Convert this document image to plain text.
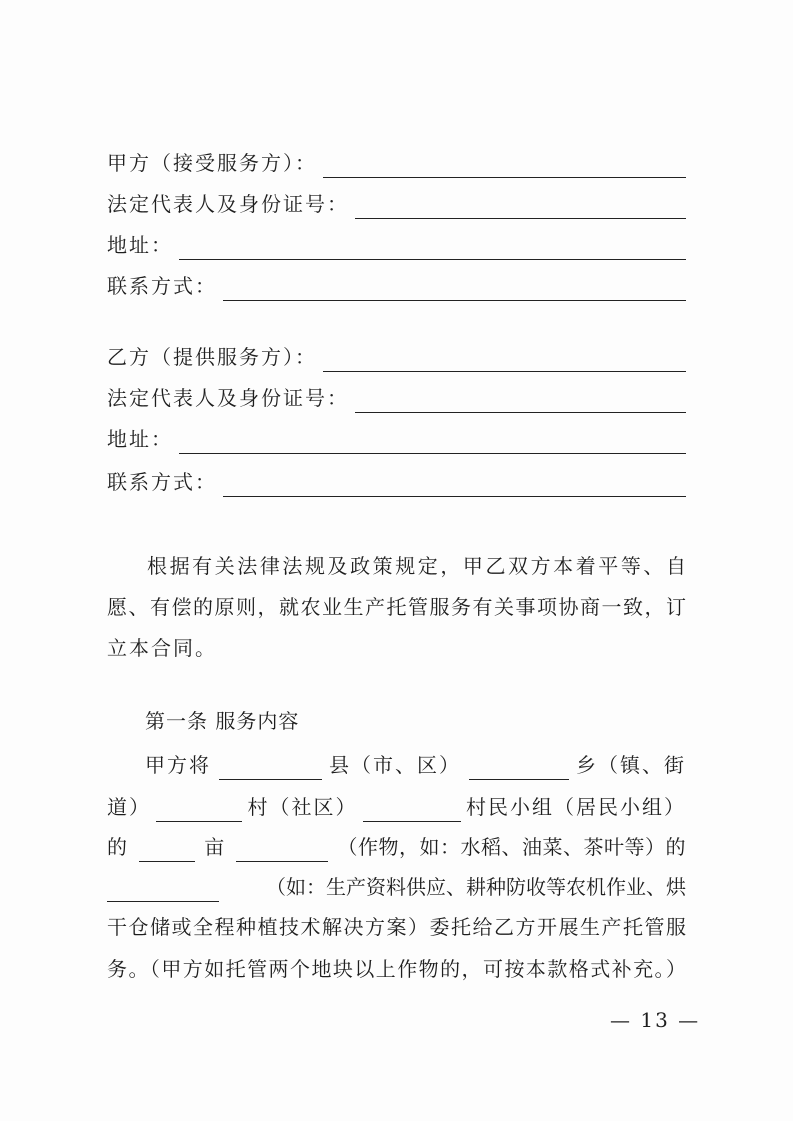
甲方（接受服务方）：
法定代表人及身份证号：
地址：
联系方式：
乙方（提供服务方）：
法定代表人及身份证号：
地址：
联系方式：
根据有关法律法规及政策规定，甲乙双方本着平等、自
愿、有偿的原则，就农业生产托管服务有关事项协商一致，订
立本合同。
第一条 服务内容
甲方将	县（市、区）	乡（镇、街
道）	村（社区）	村民小组（居民小组）
的	亩	（作物，如：水稻、油菜、茶叶等）的
（如：生产资料供应、耕种防收等农机作业、烘
干仓储或全程种植技术解决方案）委托给乙方开展生产托管服
务。（甲方如托管两个地块以上作物的，可按本款格式补充。）
— 13 —
